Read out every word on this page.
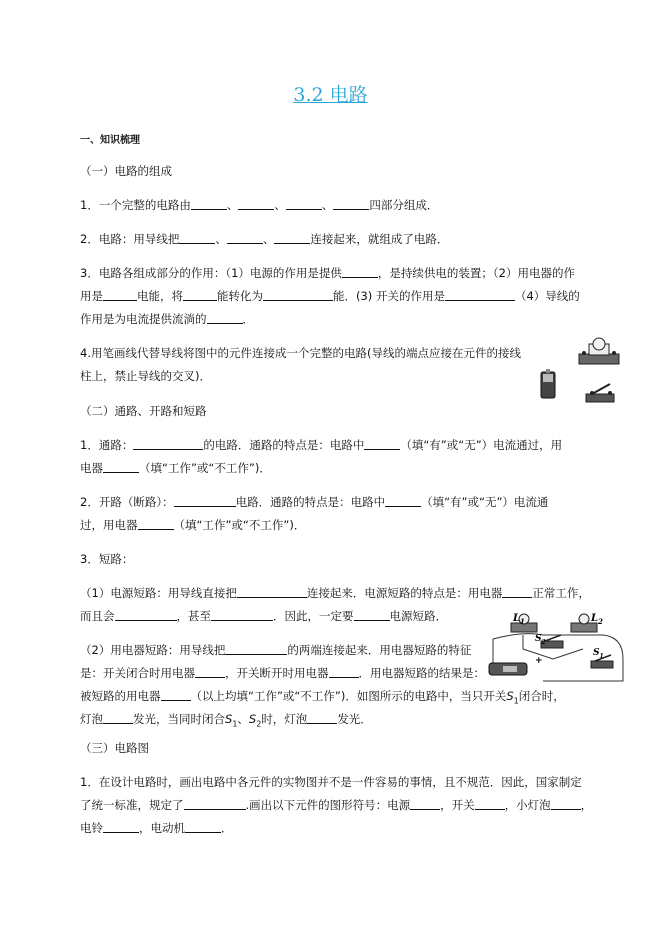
3.2 电路
一、知识梳理
（一）电路的组成
1．一个完整的电路由	、	、	、	四部分组成．
2．电路：用导线把	、	、	连接起来，就组成了电路．
3．电路各组成部分的作用：（1）电源的作用是提供	，是持续供电的装置；（2）用电器的作
用是	电能，将	能转化为	能．(3) 开关的作用是	（4）导线的
作用是为电流提供流淌的	．
4.用笔画线代替导线将图中的元件连接成一个完整的电路(导线的端点应接在元件的接线
柱上，禁止导线的交叉)．
（二）通路、开路和短路
1．通路：	的电路．通路的特点是：电路中	（填“有”或“无”）电流通过，用
电器	（填“工作”或“不工作”)．
2．开路（断路）：	电路．通路的特点是：电路中	（填“有”或“无”）电流通
过，用电器	（填“工作”或“不工作”)．
3．短路：
（1）电源短路：用导线直接把	连接起来．电源短路的特点是：用电器	正常工作，
而且会	，甚至	．因此，一定要	电源短路．
（2）用电器短路：用导线把	的两端连接起来．用电器短路的特征
是：开关闭合时用电器	，开关断开时用电器	．用电器短路的结果是：
被短路的用电器	（以上均填“工作”或“不工作”)．如图所示的电路中，当只开关$S_1$闭合时，
灯泡	发光，当同时闭合$S_1$、$S_2$时，灯泡	发光．
$L_1$	$L_2$
$S_2$
$S_1$
+
（三）电路图
1．在设计电路时，画出电路中各元件的实物图并不是一件容易的事情，且不规范．因此，国家制定
了统一标准，规定了	.画出以下元件的图形符号：电源	，开关	，小灯泡	，
电铃	，电动机	．
